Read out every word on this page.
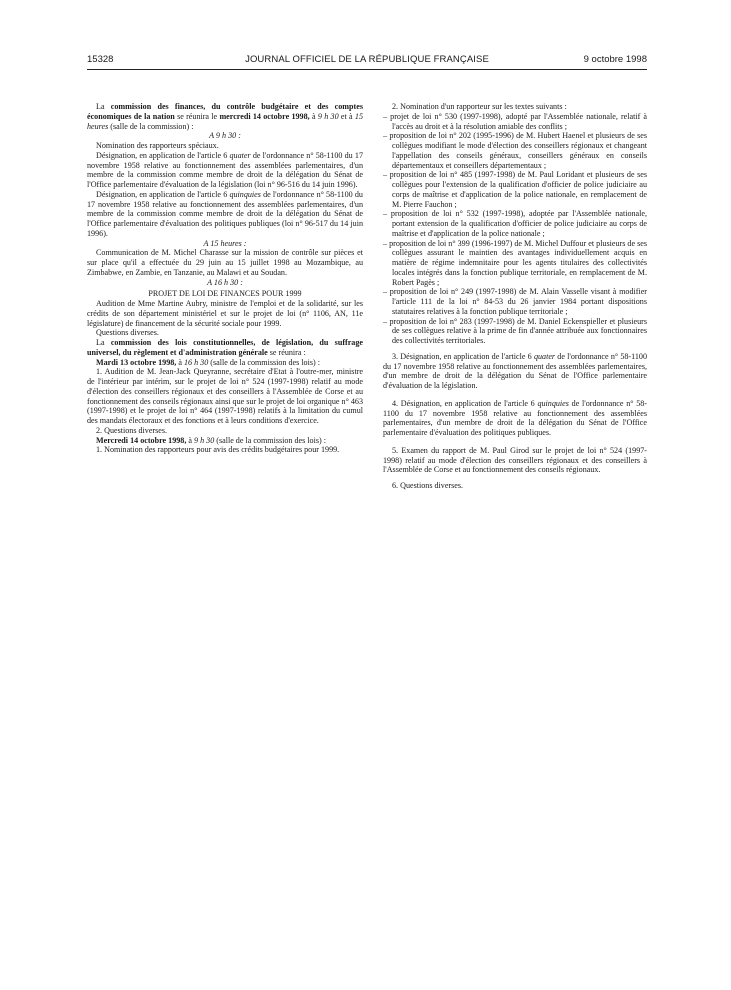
15328	JOURNAL OFFICIEL DE LA RÉPUBLIQUE FRANÇAISE	9 octobre 1998

La commission des finances, du contrôle budgétaire et des comptes économiques de la nation se réunira le mercredi 14 octobre 1998, à 9 h 30 et à 15 heures (salle de la commission) :

A 9 h 30 :

Nomination des rapporteurs spéciaux.

Désignation, en application de l'article 6 quater de l'ordonnance n° 58-1100 du 17 novembre 1958 relative au fonctionnement des assemblées parlementaires, d'un membre de la commission comme membre de droit de la délégation du Sénat de l'Office parlementaire d'évaluation de la législation (loi n° 96-516 du 14 juin 1996).

Désignation, en application de l'article 6 quinquies de l'ordonnance n° 58-1100 du 17 novembre 1958 relative au fonctionnement des assemblées parlementaires, d'un membre de la commission comme membre de droit de la délégation du Sénat de l'Office parlementaire d'évaluation des politiques publiques (loi n° 96-517 du 14 juin 1996).

A 15 heures :

Communication de M. Michel Charasse sur la mission de contrôle sur pièces et sur place qu'il a effectuée du 29 juin au 15 juillet 1998 au Mozambique, au Zimbabwe, en Zambie, en Tanzanie, au Malawi et au Soudan.

A 16 h 30 :

PROJET DE LOI DE FINANCES POUR 1999

Audition de Mme Martine Aubry, ministre de l'emploi et de la solidarité, sur les crédits de son département ministériel et sur le projet de loi (n° 1106, AN, 11e législature) de financement de la sécurité sociale pour 1999.

Questions diverses.

La commission des lois constitutionnelles, de législation, du suffrage universel, du règlement et d'administration générale se réunira :

Mardi 13 octobre 1998, à 16 h 30 (salle de la commission des lois) :

1. Audition de M. Jean-Jack Queyranne, secrétaire d'Etat à l'outre-mer, ministre de l'intérieur par intérim, sur le projet de loi n° 524 (1997-1998) relatif au mode d'élection des conseillers régionaux et des conseillers à l'Assemblée de Corse et au fonctionnement des conseils régionaux ainsi que sur le projet de loi organique n° 463 (1997-1998) et le projet de loi n° 464 (1997-1998) relatifs à la limitation du cumul des mandats électoraux et des fonctions et à leurs conditions d'exercice.

2. Questions diverses.

Mercredi 14 octobre 1998, à 9 h 30 (salle de la commission des lois) :

1. Nomination des rapporteurs pour avis des crédits budgétaires pour 1999.

2. Nomination d'un rapporteur sur les textes suivants :

– projet de loi n° 530 (1997-1998), adopté par l'Assemblée nationale, relatif à l'accès au droit et à la résolution amiable des conflits ;

– proposition de loi n° 202 (1995-1996) de M. Hubert Haenel et plusieurs de ses collègues modifiant le mode d'élection des conseillers régionaux et changeant l'appellation des conseils généraux, conseillers généraux en conseils départementaux et conseillers départementaux ;

– proposition de loi n° 485 (1997-1998) de M. Paul Loridant et plusieurs de ses collègues pour l'extension de la qualification d'officier de police judiciaire au corps de maîtrise et d'application de la police nationale, en remplacement de M. Pierre Fauchon ;

– proposition de loi n° 532 (1997-1998), adoptée par l'Assemblée nationale, portant extension de la qualification d'officier de police judiciaire au corps de maîtrise et d'application de la police nationale ;

– proposition de loi n° 399 (1996-1997) de M. Michel Duffour et plusieurs de ses collègues assurant le maintien des avantages individuellement acquis en matière de régime indemnitaire pour les agents titulaires des collectivités locales intégrés dans la fonction publique territoriale, en remplacement de M. Robert Pagès ;

– proposition de loi n° 249 (1997-1998) de M. Alain Vasselle visant à modifier l'article 111 de la loi n° 84-53 du 26 janvier 1984 portant dispositions statutaires relatives à la fonction publique territoriale ;

– proposition de loi n° 283 (1997-1998) de M. Daniel Eckenspieller et plusieurs de ses collègues relative à la prime de fin d'année attribuée aux fonctionnaires des collectivités territoriales.

3. Désignation, en application de l'article 6 quater de l'ordonnance n° 58-1100 du 17 novembre 1958 relative au fonctionnement des assemblées parlementaires, d'un membre de droit de la délégation du Sénat de l'Office parlementaire d'évaluation de la législation.

4. Désignation, en application de l'article 6 quinquies de l'ordonnance n° 58-1100 du 17 novembre 1958 relative au fonctionnement des assemblées parlementaires, d'un membre de droit de la délégation du Sénat de l'Office parlementaire d'évaluation des politiques publiques.

5. Examen du rapport de M. Paul Girod sur le projet de loi n° 524 (1997-1998) relatif au mode d'élection des conseillers régionaux et des conseillers à l'Assemblée de Corse et au fonctionnement des conseils régionaux.

6. Questions diverses.
